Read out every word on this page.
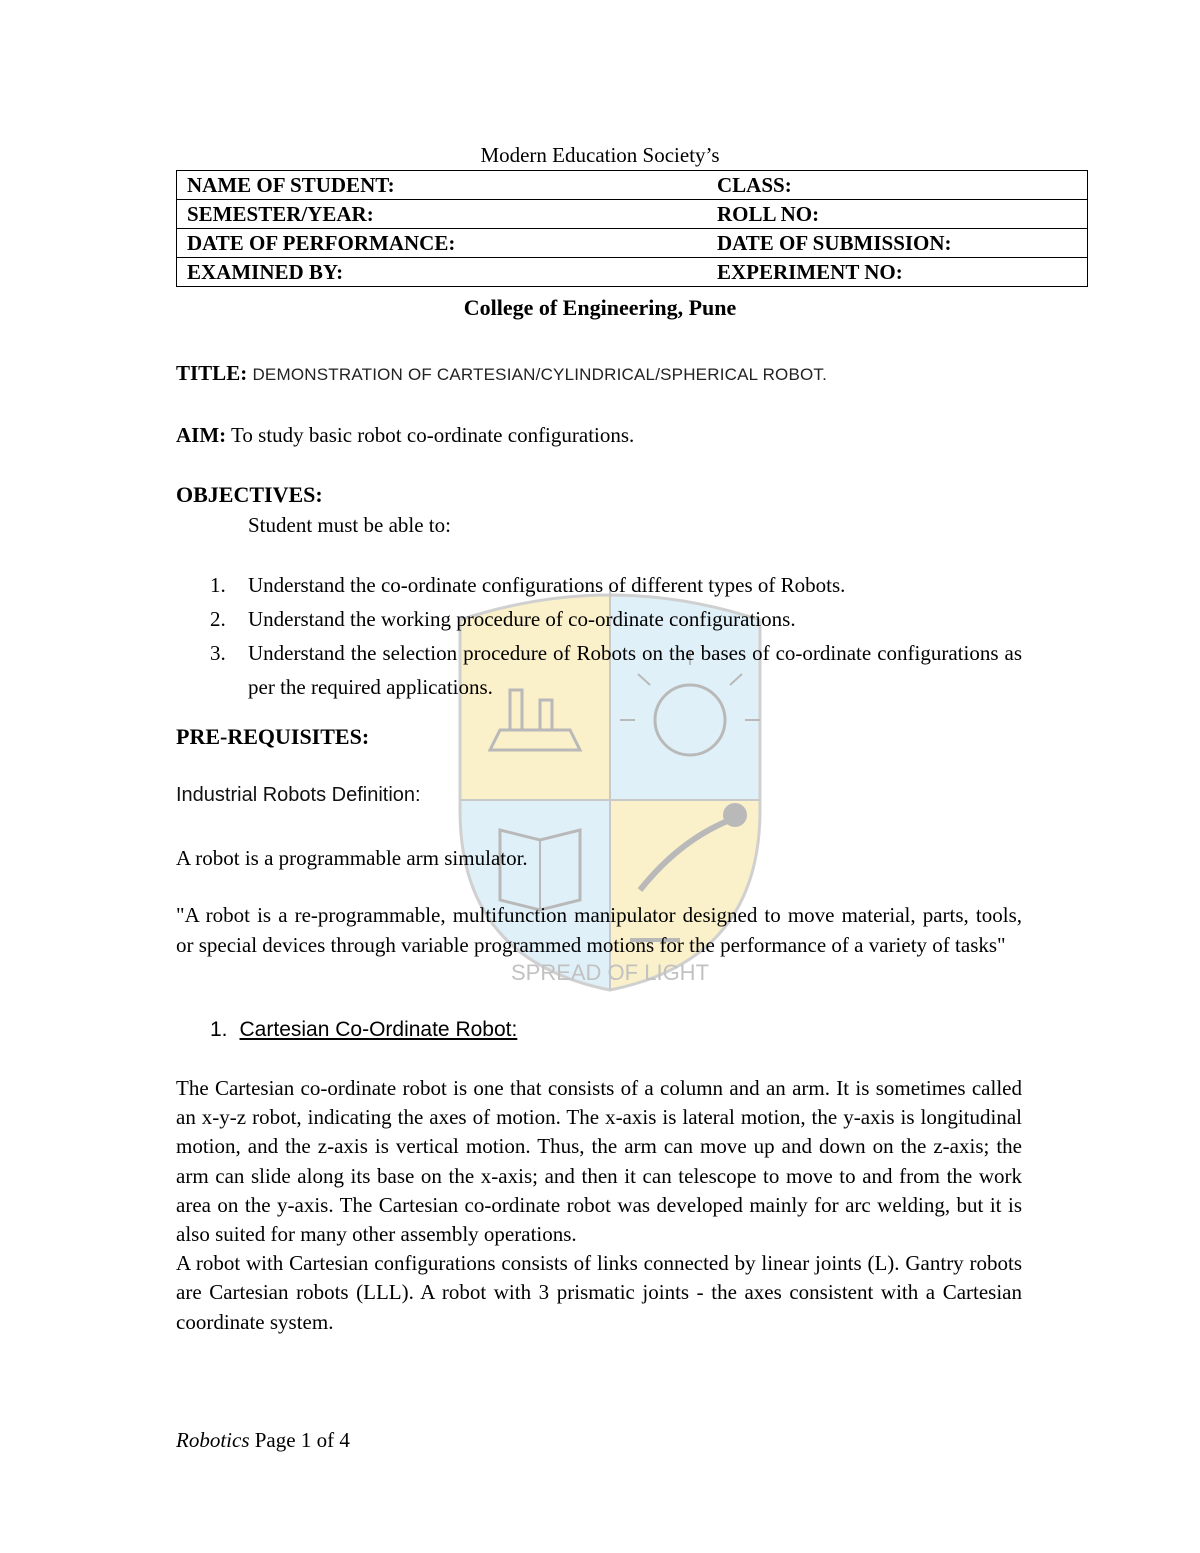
SPREAD OF LIGHT
Modern Education Society’s
NAME OF STUDENT:	CLASS:
SEMESTER/YEAR:	ROLL NO:
DATE OF PERFORMANCE:	DATE OF SUBMISSION:
EXAMINED BY:	EXPERIMENT NO:
College of Engineering, Pune
TITLE: DEMONSTRATION OF CARTESIAN/CYLINDRICAL/SPHERICAL ROBOT.
AIM: To study basic robot co-ordinate configurations.
OBJECTIVES:
Student must be able to:
1. Understand the co-ordinate configurations of different types of Robots.
2. Understand the working procedure of co-ordinate configurations.
3. Understand the selection procedure of Robots on the bases of co-ordinate configurations as per the required applications.
PRE-REQUISITES:
Industrial Robots Definition:
A robot is a programmable arm simulator.
"A robot is a re-programmable, multifunction manipulator designed to move material, parts, tools, or special devices through variable programmed motions for the performance of a variety of tasks"
1. Cartesian Co-Ordinate Robot:
The Cartesian co-ordinate robot is one that consists of a column and an arm. It is sometimes called an x-y-z robot, indicating the axes of motion. The x-axis is lateral motion, the y-axis is longitudinal motion, and the z-axis is vertical motion. Thus, the arm can move up and down on the z-axis; the arm can slide along its base on the x-axis; and then it can telescope to move to and from the work area on the y-axis. The Cartesian co-ordinate robot was developed mainly for arc welding, but it is also suited for many other assembly operations.
A robot with Cartesian configurations consists of links connected by linear joints (L). Gantry robots are Cartesian robots (LLL). A robot with 3 prismatic joints - the axes consistent with a Cartesian coordinate system.
Robotics Page 1 of 4
